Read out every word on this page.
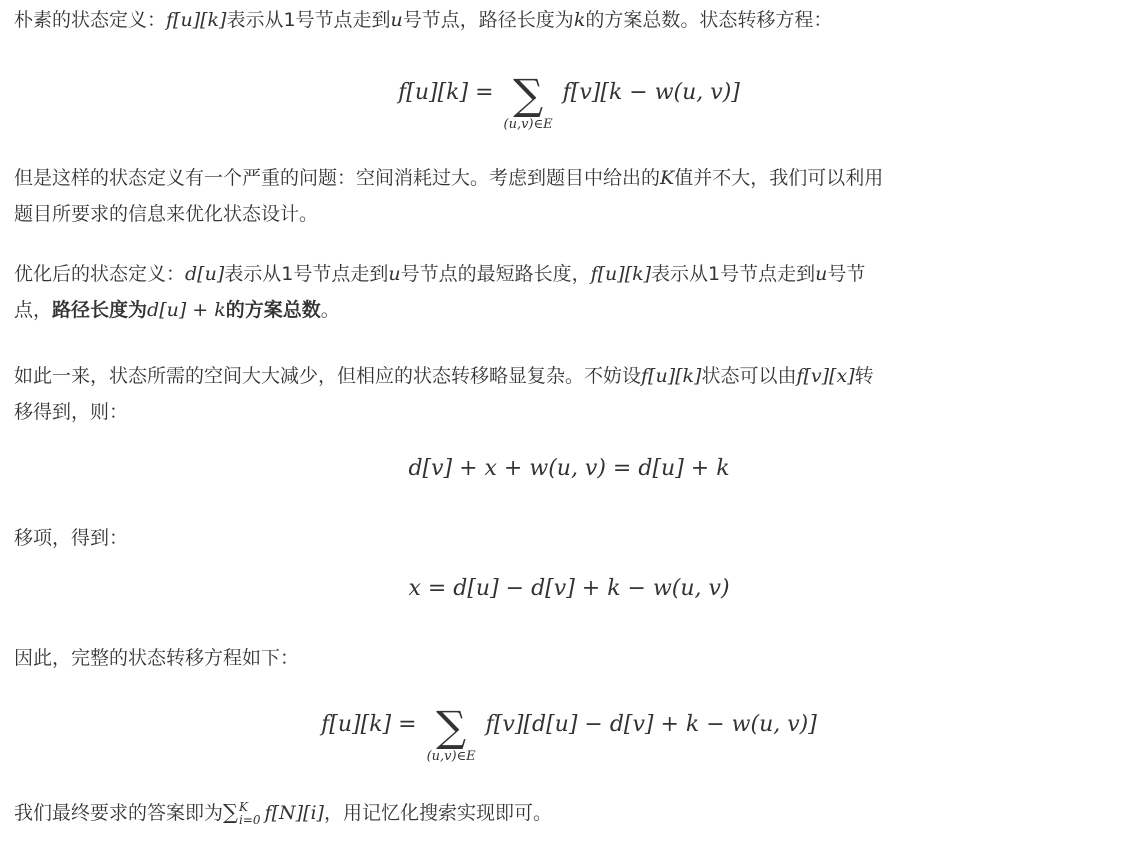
朴素的状态定义：f[u][k]表示从1号节点走到u号节点，路径长度为k的方案总数。状态转移方程：

f[u][k] = ∑
(u,v)∈E
f[v][k − w(u, v)]

但是这样的状态定义有一个严重的问题：空间消耗过大。考虑到题目中给出的K值并不大，我们可以利用
题目所要求的信息来优化状态设计。

优化后的状态定义：d[u]表示从1号节点走到u号节点的最短路长度，f[u][k]表示从1号节点走到u号节
点，路径长度为d[u] + k的方案总数。

如此一来，状态所需的空间大大减少，但相应的状态转移略显复杂。不妨设f[u][k]状态可以由f[v][x]转
移得到，则：

d[v] + x + w(u, v) = d[u] + k

移项，得到：

x = d[u] − d[v] + k − w(u, v)

因此，完整的状态转移方程如下：

f[u][k] = ∑
(u,v)∈E
f[v][d[u] − d[v] + k − w(u, v)]

我们最终要求的答案即为∑ K
i=0 f[N][i]，用记忆化搜索实现即可。
